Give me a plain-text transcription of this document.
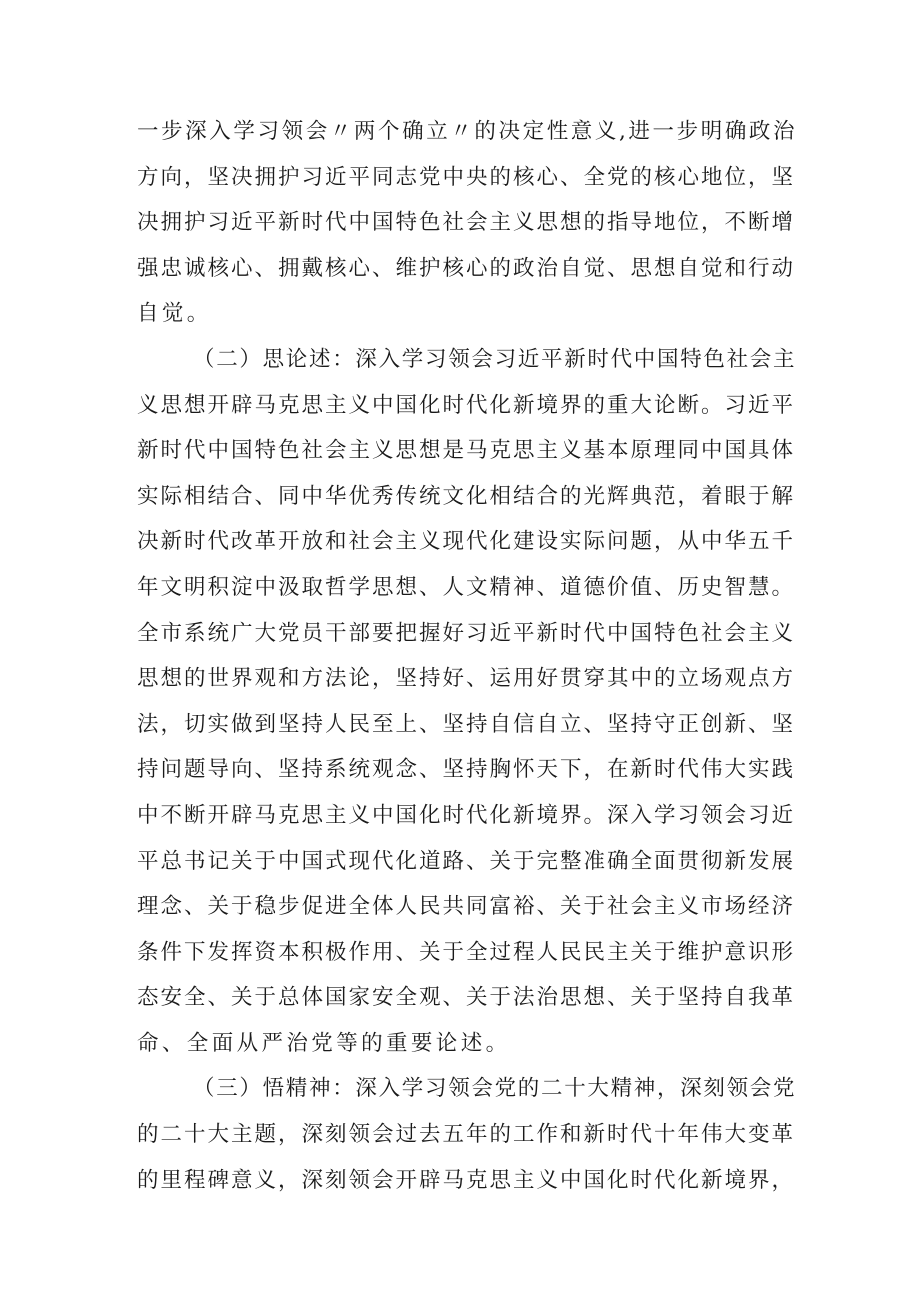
一步深入学习领会〃两个确立〃的决定性意义,进一步明确政治
方向，坚决拥护习近平同志党中央的核心、全党的核心地位，坚
决拥护习近平新时代中国特色社会主义思想的指导地位，不断增
强忠诚核心、拥戴核心、维护核心的政治自觉、思想自觉和行动
自觉。
（二）思论述：深入学习领会习近平新时代中国特色社会主
义思想开辟马克思主义中国化时代化新境界的重大论断。习近平
新时代中国特色社会主义思想是马克思主义基本原理同中国具体
实际相结合、同中华优秀传统文化相结合的光辉典范，着眼于解
决新时代改革开放和社会主义现代化建设实际问题，从中华五千
年文明积淀中汲取哲学思想、人文精神、道德价值、历史智慧。
全市系统广大党员干部要把握好习近平新时代中国特色社会主义
思想的世界观和方法论，坚持好、运用好贯穿其中的立场观点方
法，切实做到坚持人民至上、坚持自信自立、坚持守正创新、坚
持问题导向、坚持系统观念、坚持胸怀天下，在新时代伟大实践
中不断开辟马克思主义中国化时代化新境界。深入学习领会习近
平总书记关于中国式现代化道路、关于完整准确全面贯彻新发展
理念、关于稳步促进全体人民共同富裕、关于社会主义市场经济
条件下发挥资本积极作用、关于全过程人民民主关于维护意识形
态安全、关于总体国家安全观、关于法治思想、关于坚持自我革
命、全面从严治党等的重要论述。
（三）悟精神：深入学习领会党的二十大精神，深刻领会党
的二十大主题，深刻领会过去五年的工作和新时代十年伟大变革
的里程碑意义，深刻领会开辟马克思主义中国化时代化新境界，
